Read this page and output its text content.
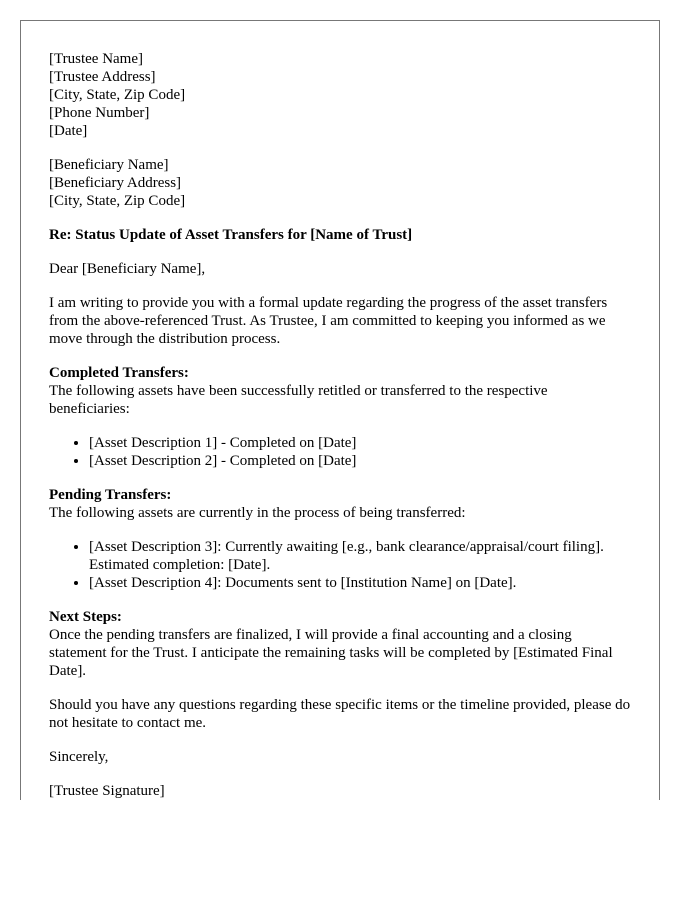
[Trustee Name]
[Trustee Address]
[City, State, Zip Code]
[Phone Number]
[Date]
[Beneficiary Name]
[Beneficiary Address]
[City, State, Zip Code]

Re: Status Update of Asset Transfers for [Name of Trust]

Dear [Beneficiary Name],

I am writing to provide you with a formal update regarding the progress of the asset transfers from the above-referenced Trust. As Trustee, I am committed to keeping you informed as we move through the distribution process.

Completed Transfers:
The following assets have been successfully retitled or transferred to the respective beneficiaries:
• [Asset Description 1] - Completed on [Date]
• [Asset Description 2] - Completed on [Date]
Pending Transfers:
The following assets are currently in the process of being transferred:
• [Asset Description 3]: Currently awaiting [e.g., bank clearance/appraisal/court filing]. Estimated completion: [Date].
• [Asset Description 4]: Documents sent to [Institution Name] on [Date].
Next Steps:
Once the pending transfers are finalized, I will provide a final accounting and a closing statement for the Trust. I anticipate the remaining tasks will be completed by [Estimated Final Date].

Should you have any questions regarding these specific items or the timeline provided, please do not hesitate to contact me.

Sincerely,

[Trustee Signature]
